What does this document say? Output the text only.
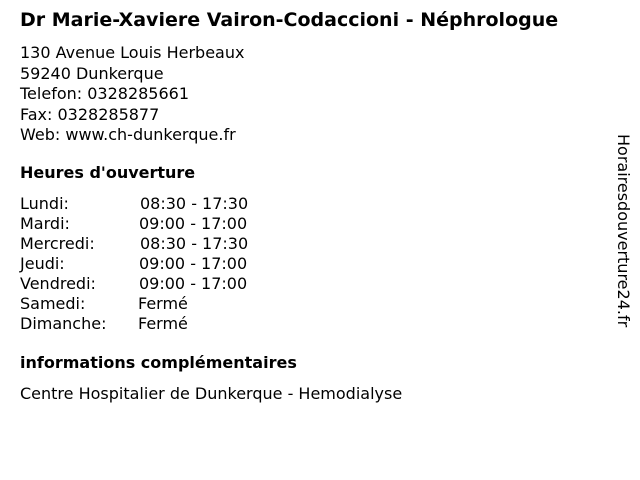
Dr Marie-Xaviere Vairon-Codaccioni - Néphrologue
130 Avenue Louis Herbeaux
59240 Dunkerque
Telefon: 0328285661
Fax: 0328285877
Web: www.ch-dunkerque.fr
Heures d'ouverture
Lundi:	08:30 - 17:30
Mardi:	09:00 - 17:00
Mercredi:	08:30 - 17:30
Jeudi:	09:00 - 17:00
Vendredi:	09:00 - 17:00
Samedi:	Fermé
Dimanche: Fermé
informations complémentaires
Centre Hospitalier de Dunkerque - Hemodialyse
Horairesdouverture24.fr
